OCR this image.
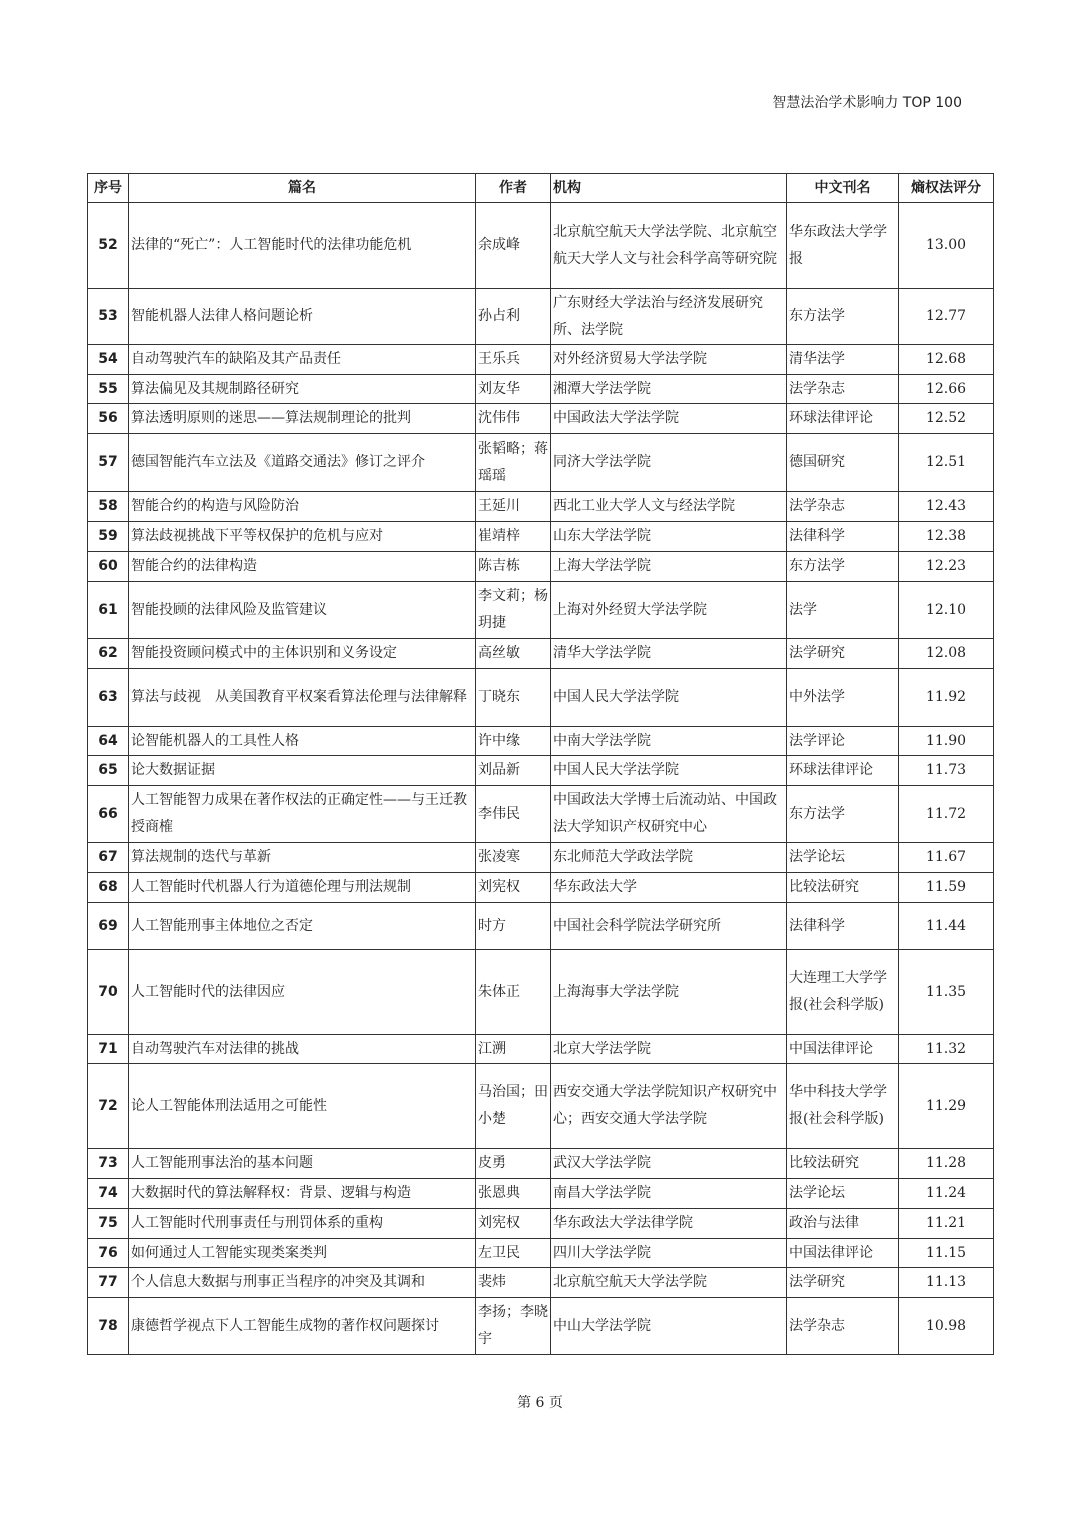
智慧法治学术影响力 TOP 100
序号	篇名	作者	机构	中文刊名	熵权法评分
52	法律的“死亡”：人工智能时代的法律功能危机	余成峰	北京航空航天大学法学院、北京航空航天大学人文与社会科学高等研究院	华东政法大学学报	13.00
53	智能机器人法律人格问题论析	孙占利	广东财经大学法治与经济发展研究所、法学院	东方法学	12.77
54	自动驾驶汽车的缺陷及其产品责任	王乐兵	对外经济贸易大学法学院	清华法学	12.68
55	算法偏见及其规制路径研究	刘友华	湘潭大学法学院	法学杂志	12.66
56	算法透明原则的迷思——算法规制理论的批判	沈伟伟	中国政法大学法学院	环球法律评论	12.52
57	德国智能汽车立法及《道路交通法》修订之评介	张韬略；蒋瑶瑶	同济大学法学院	德国研究	12.51
58	智能合约的构造与风险防治	王延川	西北工业大学人文与经法学院	法学杂志	12.43
59	算法歧视挑战下平等权保护的危机与应对	崔靖梓	山东大学法学院	法律科学	12.38
60	智能合约的法律构造	陈吉栋	上海大学法学院	东方法学	12.23
61	智能投顾的法律风险及监管建议	李文莉；杨玥捷	上海对外经贸大学法学院	法学	12.10
62	智能投资顾问模式中的主体识别和义务设定	高丝敏	清华大学法学院	法学研究	12.08
63	算法与歧视　从美国教育平权案看算法伦理与法律解释	丁晓东	中国人民大学法学院	中外法学	11.92
64	论智能机器人的工具性人格	许中缘	中南大学法学院	法学评论	11.90
65	论大数据证据	刘品新	中国人民大学法学院	环球法律评论	11.73
66	人工智能智力成果在著作权法的正确定性——与王迁教授商榷	李伟民	中国政法大学博士后流动站、中国政法大学知识产权研究中心	东方法学	11.72
67	算法规制的迭代与革新	张凌寒	东北师范大学政法学院	法学论坛	11.67
68	人工智能时代机器人行为道德伦理与刑法规制	刘宪权	华东政法大学	比较法研究	11.59
69	人工智能刑事主体地位之否定	时方	中国社会科学院法学研究所	法律科学	11.44
70	人工智能时代的法律因应	朱体正	上海海事大学法学院	大连理工大学学报(社会科学版)	11.35
71	自动驾驶汽车对法律的挑战	江溯	北京大学法学院	中国法律评论	11.32
72	论人工智能体刑法适用之可能性	马治国；田小楚	西安交通大学法学院知识产权研究中心；西安交通大学法学院	华中科技大学学报(社会科学版)	11.29
73	人工智能刑事法治的基本问题	皮勇	武汉大学法学院	比较法研究	11.28
74	大数据时代的算法解释权：背景、逻辑与构造	张恩典	南昌大学法学院	法学论坛	11.24
75	人工智能时代刑事责任与刑罚体系的重构	刘宪权	华东政法大学法律学院	政治与法律	11.21
76	如何通过人工智能实现类案类判	左卫民	四川大学法学院	中国法律评论	11.15
77	个人信息大数据与刑事正当程序的冲突及其调和	裴炜	北京航空航天大学法学院	法学研究	11.13
78	康德哲学视点下人工智能生成物的著作权问题探讨	李扬；李晓宇	中山大学法学院	法学杂志	10.98
第 6 页
